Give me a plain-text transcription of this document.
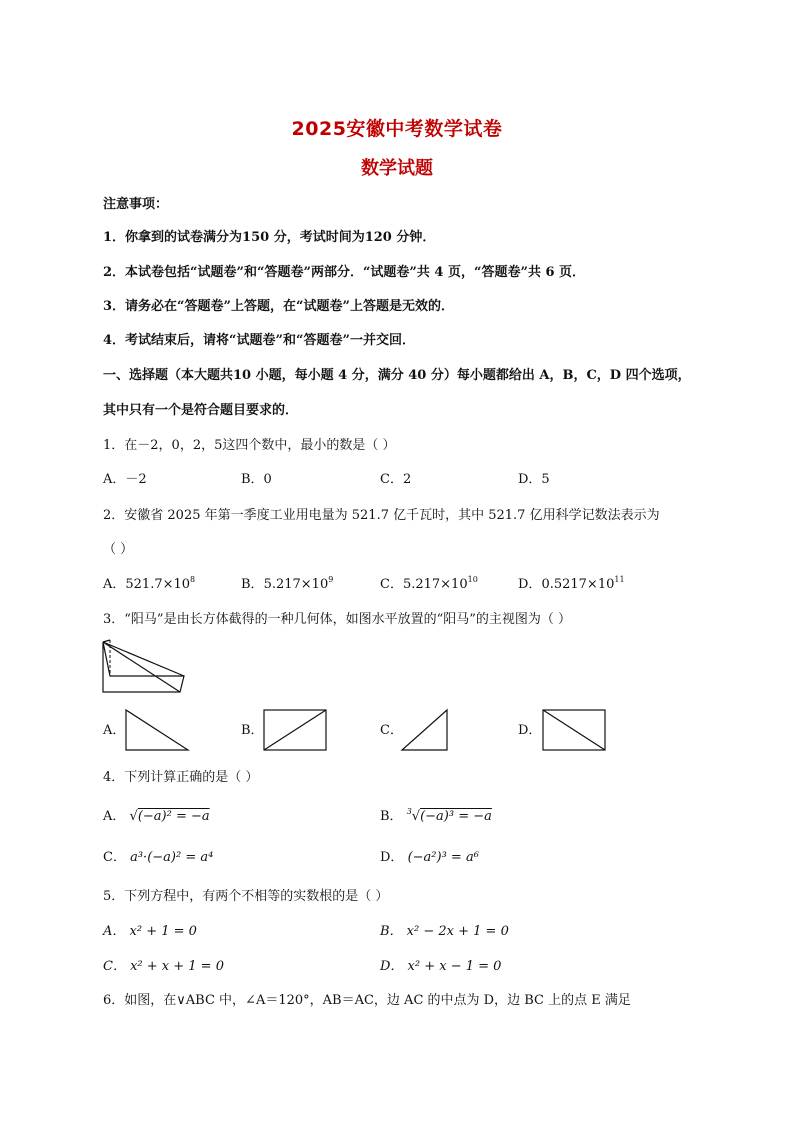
2025安徽中考数学试卷
数学试题
注意事项：
1．你拿到的试卷满分为150 分，考试时间为120 分钟．
2．本试卷包括“试题卷”和“答题卷”两部分．“试题卷”共 4 页，“答题卷”共 6 页．
3．请务必在“答题卷”上答题，在“试题卷”上答题是无效的．
4．考试结束后，请将“试题卷”和“答题卷”一并交回．
一、选择题（本大题共10 小题，每小题 4 分，满分 40 分）每小题都给出 A，B，C，D 四个选项，
其中只有一个是符合题目要求的．
1．在－2，0，2，5这四个数中，最小的数是（ ）
A．－2	B．0	C．2	D．5
2．安徽省 2025 年第一季度工业用电量为 521.7 亿千瓦时，其中 521.7 亿用科学记数法表示为
（ ）
A．$521.7\times 10^8$	B．$5.217\times 10^9$	C．$5.217\times 10^{10}$	D．$0.5217\times 10^{11}$
3．“阳马”是由长方体截得的一种几何体，如图水平放置的“阳马”的主视图为（ ）
A．	B．	C．	D．
4．下列计算正确的是（ ）
A． √(−a)² = −a	B． $^3$√(−a)³ = −a
C． a³·(−a)² = a⁴	D． (−a²)³ = a⁶
5．下列方程中，有两个不相等的实数根的是（ ）
A． x² + 1 = 0	B． x² − 2x + 1 = 0
C． x² + x + 1 = 0	D． x² + x − 1 = 0
6．如图，在∨ABC 中，∠A＝120°，AB＝AC，边 AC 的中点为 D，边 BC 上的点 E 满足
